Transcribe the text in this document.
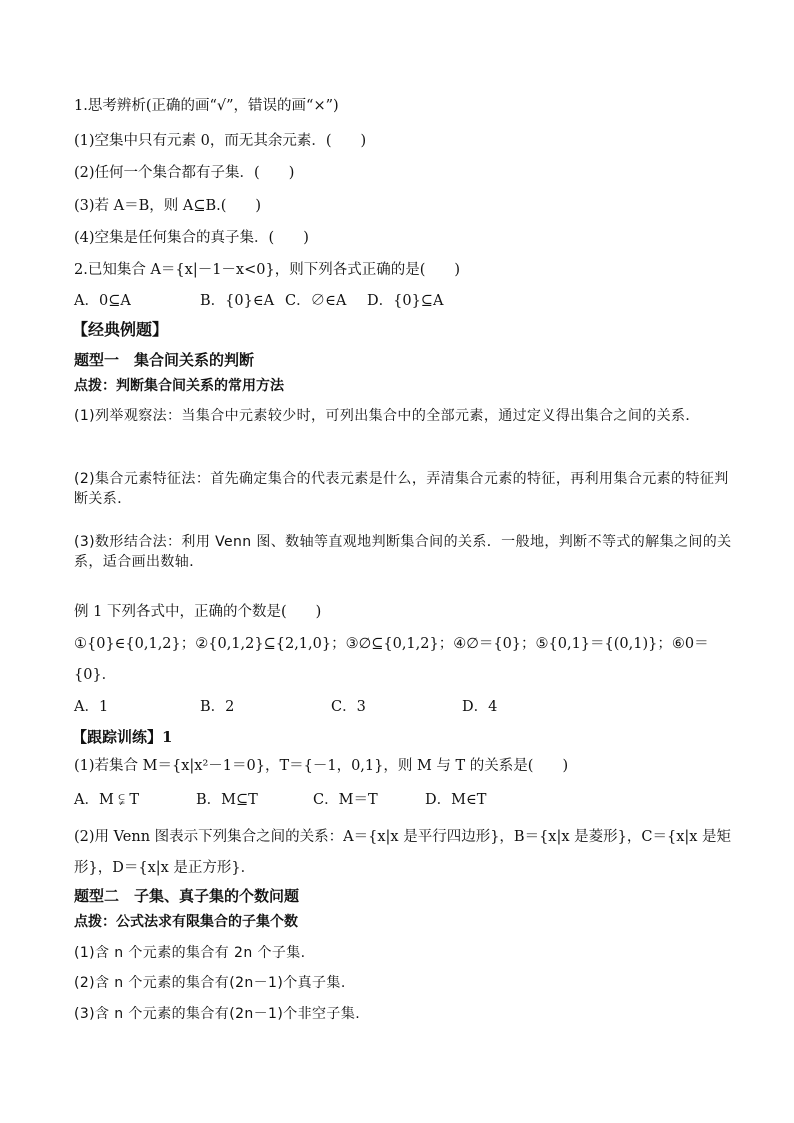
1.思考辨析(正确的画“√”，错误的画“×”)
(1)空集中只有元素 0，而无其余元素．(　　)
(2)任何一个集合都有子集．(　　)
(3)若 A＝B，则 A⊆B.(　　)
(4)空集是任何集合的真子集．(　　)
2.已知集合 A＝{x|－1－x<0}，则下列各式正确的是(　　)
A．0⊆A	B．{0}∈A C．∅∈A D．{0}⊆A
【经典例题】
题型一　集合间关系的判断
点拨：判断集合间关系的常用方法
(1)列举观察法：当集合中元素较少时，可列出集合中的全部元素，通过定义得出集合之间的关系．
(2)集合元素特征法：首先确定集合的代表元素是什么，弄清集合元素的特征，再利用集合元素的特征判断关系．
(3)数形结合法：利用 Venn 图、数轴等直观地判断集合间的关系．一般地，判断不等式的解集之间的关系，适合画出数轴．
例 1 下列各式中，正确的个数是(　　)
①{0}∈{0,1,2}；②{0,1,2}⊆{2,1,0}；③∅⊆{0,1,2}；④∅＝{0}；⑤{0,1}＝{(0,1)}；⑥0＝
{0}．
A．1	B．2	C．3	D．4
【跟踪训练】1
(1)若集合 M＝{x|x²－1＝0}，T＝{－1，0,1}，则 M 与 T 的关系是(　　)
A．M ⫋ T	B．M⊆T	C．M＝T	D．M∈T
(2)用 Venn 图表示下列集合之间的关系：A＝{x|x 是平行四边形}，B＝{x|x 是菱形}，C＝{x|x 是矩形}，D＝{x|x 是正方形}．
题型二　子集、真子集的个数问题
点拨：公式法求有限集合的子集个数
(1)含 n 个元素的集合有 2n 个子集.
(2)含 n 个元素的集合有(2n－1)个真子集.
(3)含 n 个元素的集合有(2n－1)个非空子集.
